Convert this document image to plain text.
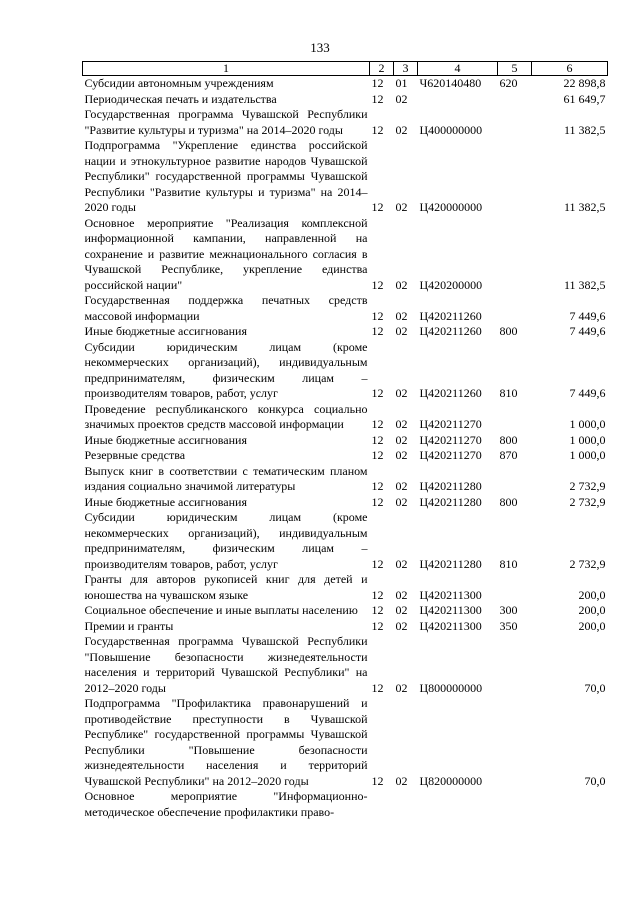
133
1	2	3	4	5	6
Субсидии автономным учреждениям	12	01	Ч620140480	620	22 898,8
Периодическая печать и издательства	12	02			61 649,7
Государственная программа Чувашской Республики "Развитие культуры и туризма" на 2014–2020 годы	12	02	Ц400000000		11 382,5
Подпрограмма "Укрепление единства российской нации и этнокультурное развитие народов Чувашской Республики" государственной программы Чувашской Республики "Развитие культуры и туризма" на 2014–2020 годы	12	02	Ц420000000		11 382,5
Основное мероприятие "Реализация комплексной информационной кампании, направленной на сохранение и развитие межнационального согласия в Чувашской Республике, укрепление единства российской нации"	12	02	Ц420200000		11 382,5
Государственная поддержка печатных средств массовой информации	12	02	Ц420211260		7 449,6
Иные бюджетные ассигнования	12	02	Ц420211260	800	7 449,6
Субсидии юридическим лицам (кроме некоммерческих организаций), индивидуальным предпринимателям, физическим лицам – производителям товаров, работ, услуг	12	02	Ц420211260	810	7 449,6
Проведение республиканского конкурса социально значимых проектов средств массовой информации	12	02	Ц420211270		1 000,0
Иные бюджетные ассигнования	12	02	Ц420211270	800	1 000,0
Резервные средства	12	02	Ц420211270	870	1 000,0
Выпуск книг в соответствии с тематическим планом издания социально значимой литературы	12	02	Ц420211280		2 732,9
Иные бюджетные ассигнования	12	02	Ц420211280	800	2 732,9
Субсидии юридическим лицам (кроме некоммерческих организаций), индивидуальным предпринимателям, физическим лицам – производителям товаров, работ, услуг	12	02	Ц420211280	810	2 732,9
Гранты для авторов рукописей книг для детей и юношества на чувашском языке	12	02	Ц420211300		200,0
Социальное обеспечение и иные выплаты населению	12	02	Ц420211300	300	200,0
Премии и гранты	12	02	Ц420211300	350	200,0
Государственная программа Чувашской Республики "Повышение безопасности жизнедеятельности населения и территорий Чувашской Республики" на 2012–2020 годы	12	02	Ц800000000		70,0
Подпрограмма "Профилактика правонарушений и противодействие преступности в Чувашской Республике" государственной программы Чувашской Республики "Повышение безопасности жизнедеятельности населения и территорий Чувашской Республики" на 2012–2020 годы	12	02	Ц820000000		70,0
Основное мероприятие "Информационно-методическое обеспечение профилактики право-					
